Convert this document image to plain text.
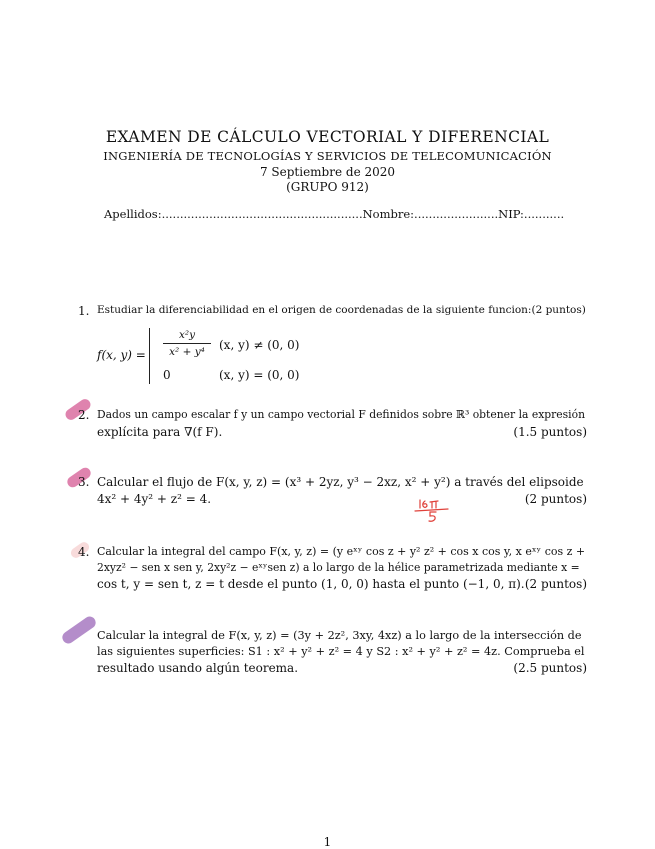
EXAMEN DE CÁLCULO VECTORIAL Y DIFERENCIAL
INGENIERÍA DE TECNOLOGÍAS Y SERVICIOS DE TELECOMUNICACIÓN
7 Septiembre de 2020
(GRUPO 912)
Apellidos:.......................................................Nombre:.......................NIP:...........
1. Estudiar la diferenciabilidad en el origen de coordenadas de la siguiente funcion:(2 puntos)
f(x, y) =
x²y
x² + y⁴	(x, y) ≠ (0, 0)
0	(x, y) = (0, 0)
2. Dados un campo escalar f y un campo vectorial F definidos sobre ℝ³ obtener la expresión
explícita para ∇(f F).	(1.5 puntos)
3. Calcular el flujo de F(x, y, z) = (x³ + 2yz, y³ − 2xz, x² + y²) a través del elipsoide
4x² + 4y² + z² = 4.	(2 puntos)
16π/5
4. Calcular la integral del campo F(x, y, z) = (y eˣʸ cos z + y² z² + cos x cos y, x eˣʸ cos z +
2xyz² − sen x sen y, 2xy²z − eˣʸsen z) a lo largo de la hélice parametrizada mediante x =
cos t, y = sen t, z = t desde el punto (1, 0, 0) hasta el punto (−1, 0, π). (2 puntos)
Calcular la integral de F(x, y, z) = (3y + 2z², 3xy, 4xz) a lo largo de la intersección de
las siguientes superficies: S1 : x² + y² + z² = 4 y S2 : x² + y² + z² = 4z. Comprueba el
resultado usando algún teorema.	(2.5 puntos)
1
